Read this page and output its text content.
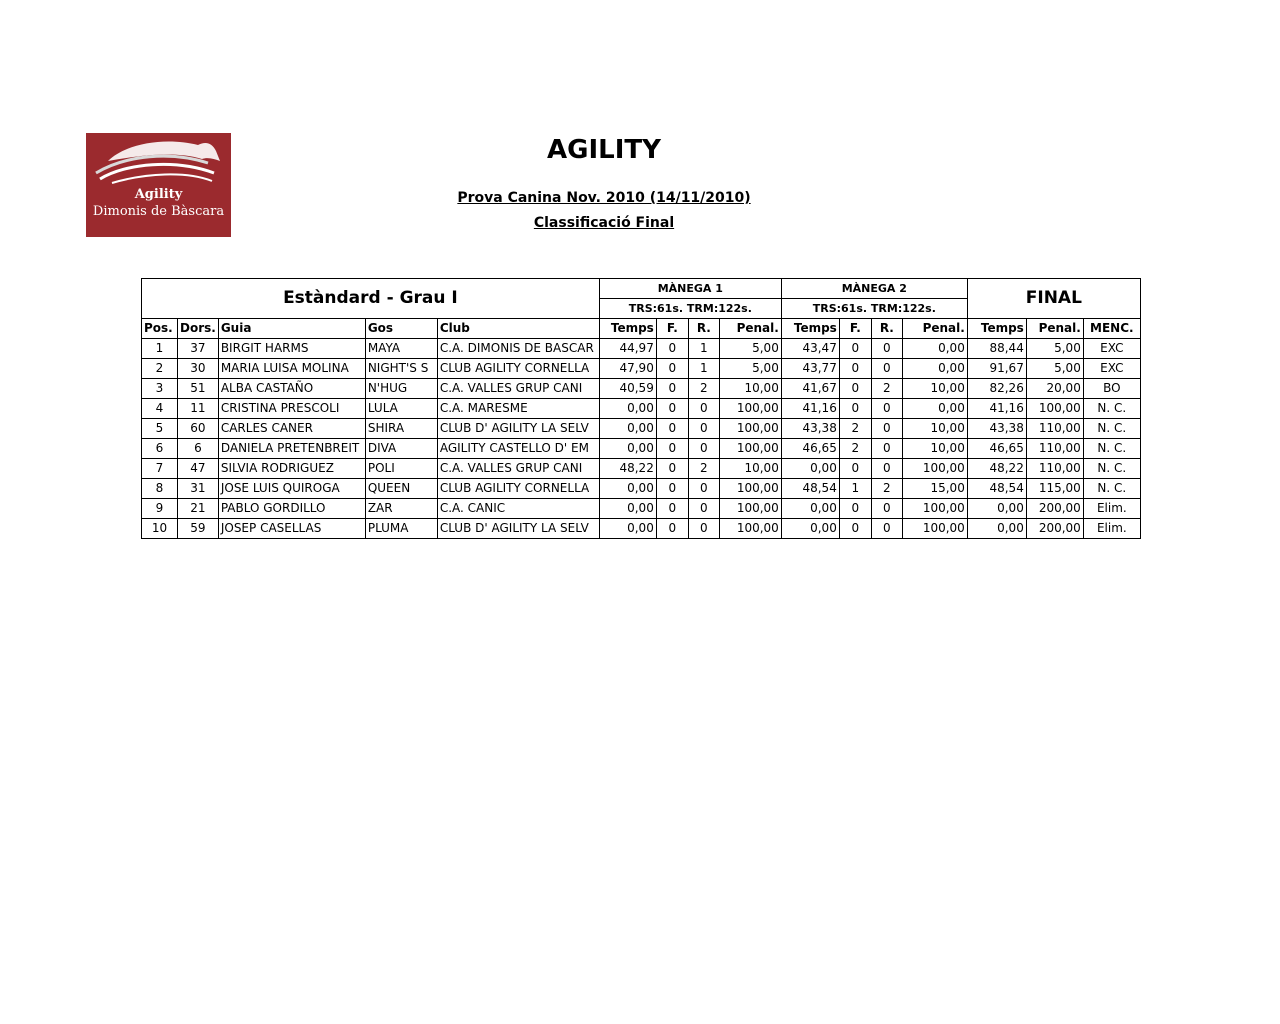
Agility
Dimonis de Bàscara
AGILITY
Prova Canina Nov. 2010 (14/11/2010)
Classificació Final
Estàndard - Grau I					MÀNEGA 1				MÀNEGA 2				FINAL		
					TRS:61s. TRM:122s.				TRS:61s. TRM:122s.						
Pos.	Dors.	Guia	Gos	Club	Temps	F.	R.	Penal.	Temps	F.	R.	Penal.	Temps	Penal.	MENC.
1	37	BIRGIT HARMS	MAYA	C.A. DIMONIS DE BASCAR	44,97	0	1	5,00	43,47	0	0	0,00	88,44	5,00	EXC
2	30	MARIA LUISA MOLINA	NIGHT'S S	CLUB AGILITY CORNELLA	47,90	0	1	5,00	43,77	0	0	0,00	91,67	5,00	EXC
3	51	ALBA CASTAÑO	N'HUG	C.A. VALLES GRUP CANI	40,59	0	2	10,00	41,67	0	2	10,00	82,26	20,00	BO
4	11	CRISTINA PRESCOLI	LULA	C.A. MARESME	0,00	0	0	100,00	41,16	0	0	0,00	41,16	100,00	N. C.
5	60	CARLES CANER	SHIRA	CLUB D' AGILITY LA SELV	0,00	0	0	100,00	43,38	2	0	10,00	43,38	110,00	N. C.
6	6	DANIELA PRETENBREIT	DIVA	AGILITY CASTELLO D' EM	0,00	0	0	100,00	46,65	2	0	10,00	46,65	110,00	N. C.
7	47	SILVIA RODRIGUEZ	POLI	C.A. VALLES GRUP CANI	48,22	0	2	10,00	0,00	0	0	100,00	48,22	110,00	N. C.
8	31	JOSE LUIS QUIROGA	QUEEN	CLUB AGILITY CORNELLA	0,00	0	0	100,00	48,54	1	2	15,00	48,54	115,00	N. C.
9	21	PABLO GORDILLO	ZAR	C.A. CANIC	0,00	0	0	100,00	0,00	0	0	100,00	0,00	200,00	Elim.
10	59	JOSEP CASELLAS	PLUMA	CLUB D' AGILITY LA SELV	0,00	0	0	100,00	0,00	0	0	100,00	0,00	200,00	Elim.
